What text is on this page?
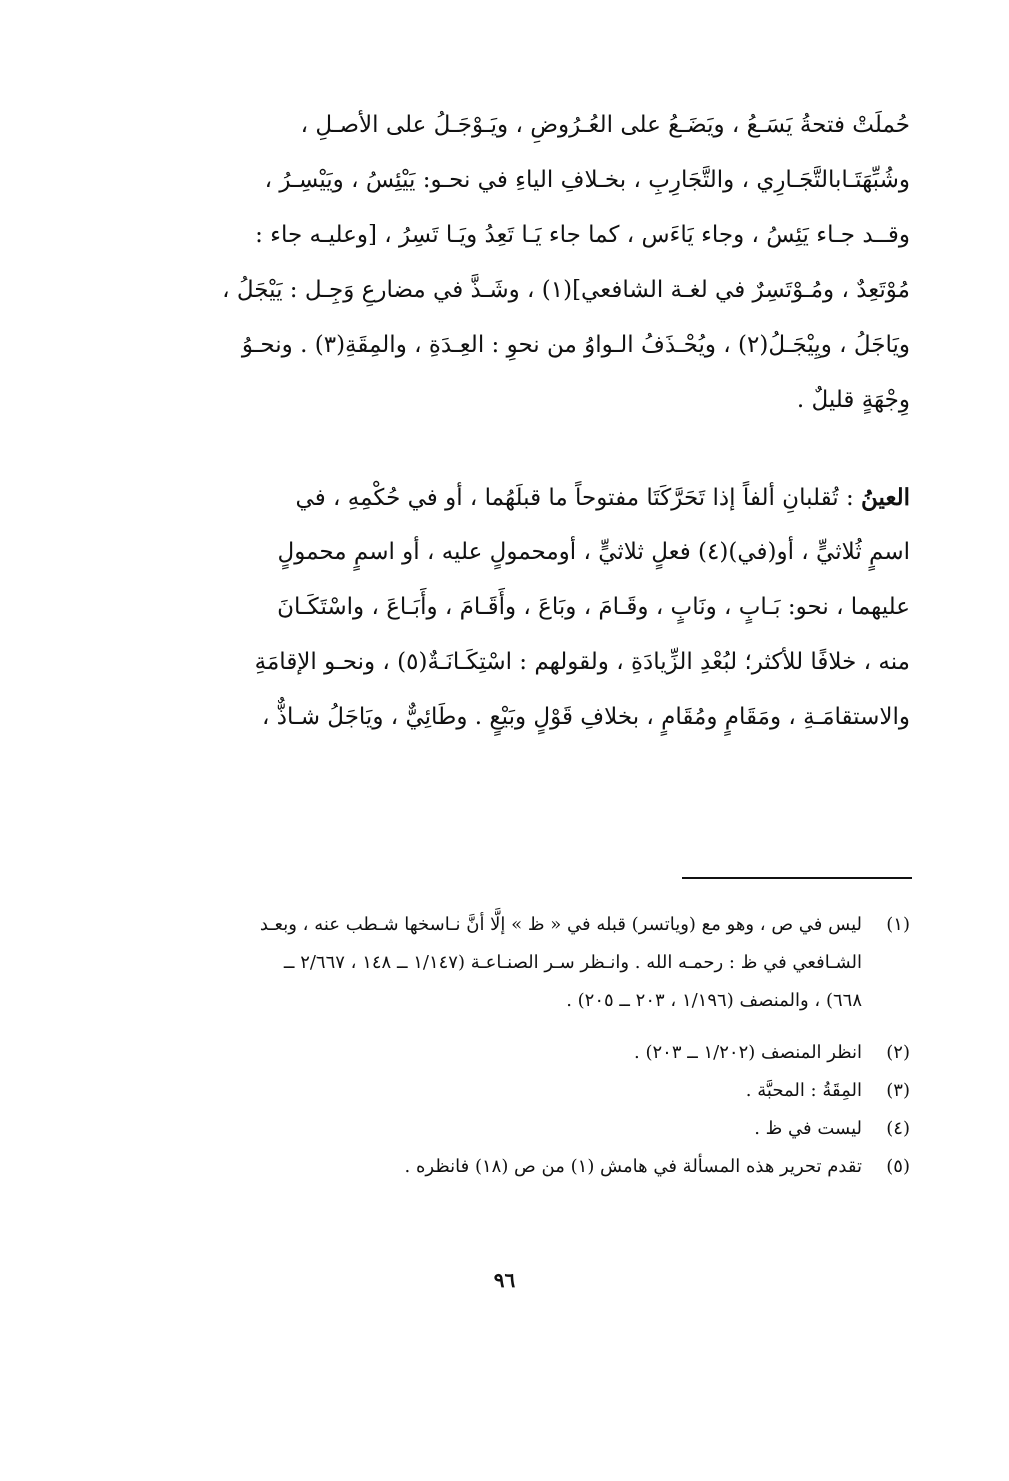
حُملَتْ فتحةُ يَسَـعُ ، ويَضَـعُ على العُـرُوضِ ، ويَـوْجَـلُ على الأصـلِ ،
وشُبِّهَتَـابالتَّجَـارِي ، والتَّجَارِبِ ، بخـلافِ الياءِ في نحـو: يَيْئِسُ ، ويَيْسِـرُ ،
وقــد جـاء يَئِسُ ، وجاء يَاءَس ، كما جاء يَـا تَعِدُ ويَـا تَسِرُ ، [وعليـه جاء :
مُوْتَعِدٌ ، ومُـوْتَسِرٌ في لغـة الشافعي](١) ، وشَـذَّ في مضارعِ وَجِـل : يَيْجَلُ ،
ويَاجَلُ ، ويِيْجَـلُ(٢) ، ويُحْـذَفُ الـواوُ من نحوِ : العِـدَةِ ، والمِقَةِ(٣) . ونحـوُ
وِجْهَةٍ قليلٌ .
العينُ : تُقلبانِ ألفاً إذا تَحَرَّكَتَا مفتوحاً ما قبلَهُما ، أو في حُكْمِهِ ، في
اسمٍ ثُلاثيٍّ ، أو(في)(٤) فعلٍ ثلاثيٍّ ، أومحمولٍ عليه ، أو اسمٍ محمولٍ
عليهما ، نحو: بَـابٍ ، ونَابٍ ، وقَـامَ ، وبَاعَ ، وأَقَـامَ ، وأَبَـاعَ ، واسْتَكَـانَ
منه ، خلافًا للأكثر؛ لبُعْدِ الزِّيادَةِ ، ولقولهم : اسْتِكَـانَـةٌ(٥) ، ونحـو الإقامَةِ
والاستقامَـةِ ، ومَقَامٍ ومُقَامٍ ، بخلافِ قَوْلٍ وبَيْعٍ . وطَائِيٌّ ، ويَاجَلُ شـاذٌّ ،
(١)
ليس في ص ، وهو مع (وياتسر) قبله في « ظ » إلَّا أنَّ نـاسخها شـطب عنه ، وبعـد
الشـافعي في ظ : رحمـه الله . وانـظر سـر الصنـاعـة (١/١٤٧ ــ ١٤٨ ، ٢/٦٦٧ ــ
٦٦٨) ، والمنصف (١/١٩٦ ، ٢٠٣ ــ ٢٠٥) .
(٢)
انظر المنصف (١/٢٠٢ ــ ٢٠٣) .
(٣)
المِقَةُ : المحبَّة .
(٤)
ليست في ظ .
(٥)
تقدم تحرير هذه المسألة في هامش (١) من ص (١٨) فانظره .
٩٦
